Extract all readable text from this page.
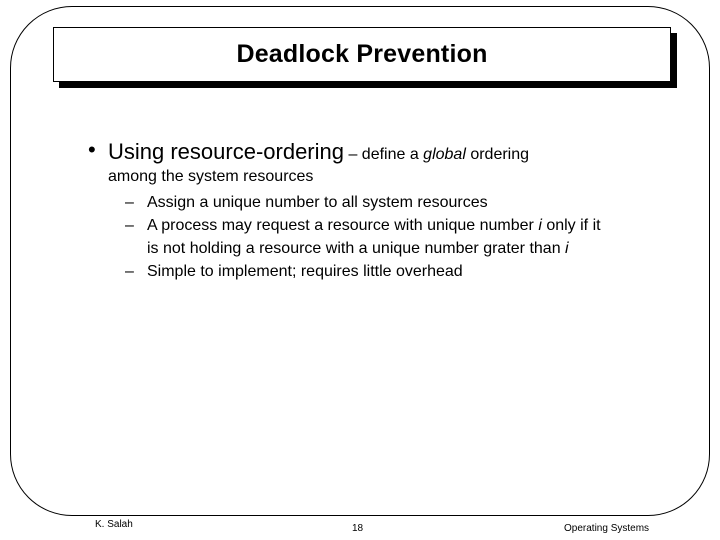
Deadlock Prevention
• Using resource-ordering – define a global ordering
among the system resources
– Assign a unique number to all system resources
– A process may request a resource with unique number i only if it is not holding a resource with a unique number grater than i
– Simple to implement; requires little overhead
K. Salah	18	Operating Systems
